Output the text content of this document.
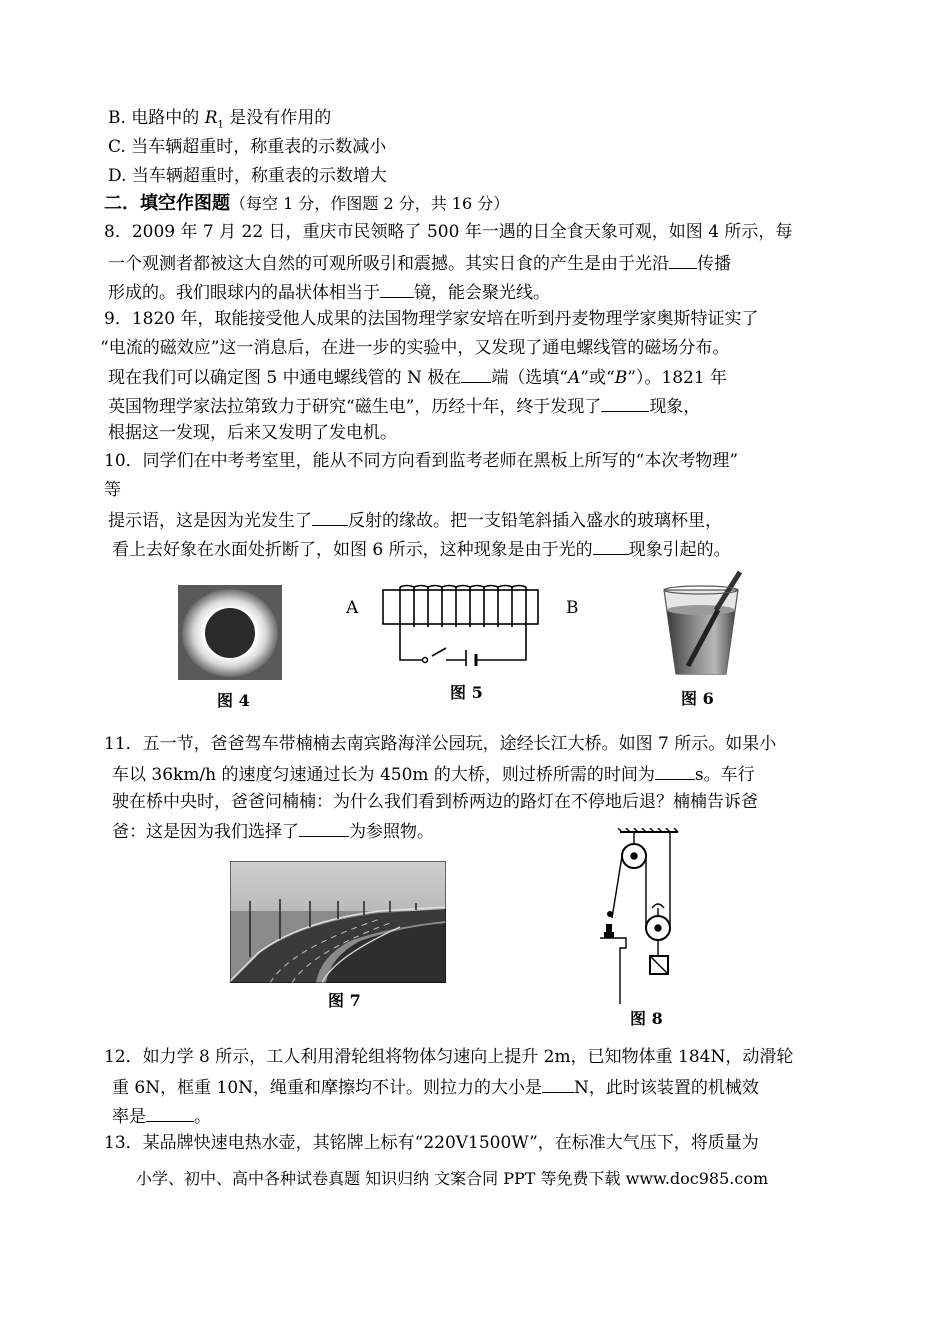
B. 电路中的 $R_1$ 是没有作用的
C. 当车辆超重时，称重表的示数减小
D. 当车辆超重时，称重表的示数增大
二．填空作图题（每空 1 分，作图题 2 分，共 16 分）
8．2009 年 7 月 22 日，重庆市民领略了 500 年一遇的日全食天象可观，如图 4 所示，每
一个观测者都被这大自然的可观所吸引和震撼。其实日食的产生是由于光沿 传播
形成的。我们眼球内的晶状体相当于 镜，能会聚光线。
9．1820 年，取能接受他人成果的法国物理学家安培在听到丹麦物理学家奥斯特证实了
“电流的磁效应”这一消息后，在进一步的实验中，又发现了通电螺线管的磁场分布。
现在我们可以确定图 5 中通电螺线管的 N 极在 端（选填“A”或“B”）。1821 年
英国物理学家法拉第致力于研究“磁生电”，历经十年，终于发现了	现象，
根据这一发现，后来又发明了发电机。
10．同学们在中考考室里，能从不同方向看到监考老师在黑板上所写的“本次考物理”
等
提示语，这是因为光发生了 反射的缘故。把一支铅笔斜插入盛水的玻璃杯里，
看上去好象在水面处折断了，如图 6 所示，这种现象是由于光的 现象引起的。
图 4
A	B
图 5	图 6
11．五一节，爸爸驾车带楠楠去南宾路海洋公园玩，途经长江大桥。如图 7 所示。如果小
车以 36km/h 的速度匀速通过长为 450m 的大桥，则过桥所需的时间为 s。车行
驶在桥中央时，爸爸问楠楠：为什么我们看到桥两边的路灯在不停地后退？楠楠告诉爸
爸：这是因为我们选择了	为参照物。
图 7
图 8
12．如力学 8 所示，工人利用滑轮组将物体匀速向上提升 2m，已知物体重 184N，动滑轮
重 6N，框重 10N，绳重和摩擦均不计。则拉力的大小是 N，此时该装置的机械效
率是	。
13．某品牌快速电热水壶，其铭牌上标有“220V1500W”，在标准大气压下，将质量为
小学、初中、高中各种试卷真题 知识归纳 文案合同 PPT 等免费下载 www.doc985.com
